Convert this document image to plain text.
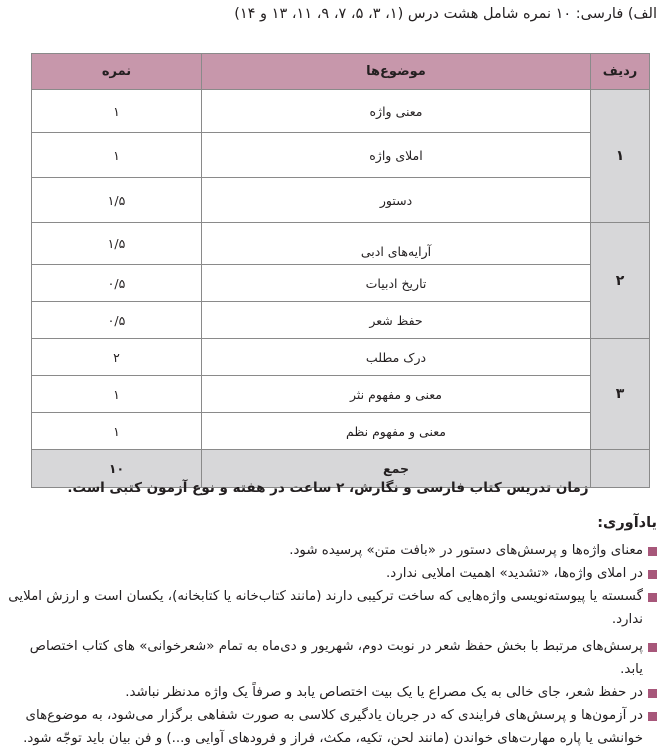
الف) فارسی: ۱۰ نمره شامل هشت درس (۱، ۳، ۵، ۷، ۹، ۱۱، ۱۳ و ۱۴)
ردیف	موضوع‌ها	نمره
۱	معنی واژه	۱
	املای واژه	۱
	دستور	۱/۵
۲	آرایه‌های ادبی	۱/۵
	تاریخ ادبیات	۰/۵
	حفظ شعر	۰/۵
۳	درک مطلب	۲
	معنی و مفهوم نثر	۱
	معنی و مفهوم نظم	۱
	جمع	۱۰
زمان تدریس کتاب فارسی و نگارش، ۲ ساعت در هفته و نوع آزمون کتبی است.
یادآوری:
معنای واژه‌ها و پرسش‌های دستور در «بافت متن» پرسیده شود.
در املای واژه‌ها، «تشدید» اهمیت املایی ندارد.
گسسته یا پیوسته‌نویسی واژه‌هایی که ساخت ترکیبی دارند (مانند کتاب‌خانه یا کتابخانه)، یکسان است و ارزش املایی ندارد.
پرسش‌های مرتبط با بخش حفظ شعر در نوبت دوم، شهریور و دی‌ماه به تمام «شعرخوانی» های کتاب اختصاص یابد.
در حفظ شعر، جای خالی به یک مصراع یا یک بیت اختصاص یابد و صرفاً یک واژه مدنظر نباشد.
در آزمون‌ها و پرسش‌های فرایندی که در جریان یادگیری کلاسی به صورت شفاهی برگزار می‌شود، به موضوع‌های خوانشی یا پاره مهارت‌های خواندن (مانند لحن، تکیه، مکث، فراز و فرودهای آوایی و...) و فن بیان باید توجّه شود.
